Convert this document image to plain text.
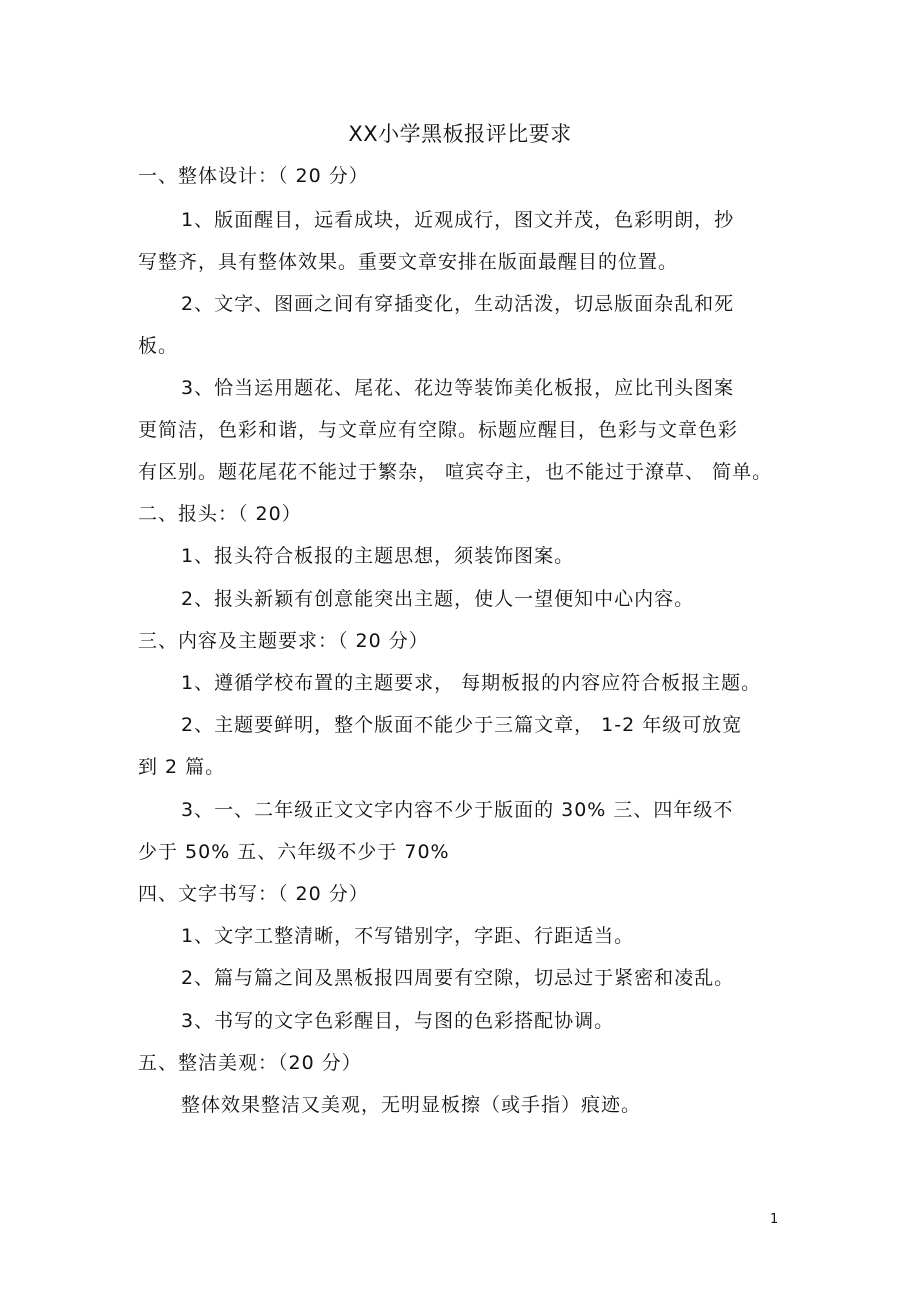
XX小学黑板报评比要求
一、整体设计：（ 20 分）
1、版面醒目，远看成块，近观成行，图文并茂，色彩明朗，抄
写整齐，具有整体效果。重要文章安排在版面最醒目的位置。
2、文字、图画之间有穿插变化，生动活泼，切忌版面杂乱和死
板。
3、恰当运用题花、尾花、花边等装饰美化板报，应比刊头图案
更简洁，色彩和谐，与文章应有空隙。标题应醒目，色彩与文章色彩
有区别。题花尾花不能过于繁杂， 喧宾夺主，也不能过于潦草、 简单。
二、报头：（ 20）
1、报头符合板报的主题思想，须装饰图案。
2、报头新颖有创意能突出主题，使人一望便知中心内容。
三、内容及主题要求：（ 20 分）
1、遵循学校布置的主题要求， 每期板报的内容应符合板报主题。
2、主题要鲜明，整个版面不能少于三篇文章， 1-2 年级可放宽
到 2 篇。
3、一、二年级正文文字内容不少于版面的 30% 三、四年级不
少于 50% 五、六年级不少于 70%
四、文字书写：（ 20 分）
1、文字工整清晰，不写错别字，字距、行距适当。
2、篇与篇之间及黑板报四周要有空隙，切忌过于紧密和凌乱。
3、书写的文字色彩醒目，与图的色彩搭配协调。
五、整洁美观：（20 分）
整体效果整洁又美观，无明显板擦（或手指）痕迹。
1
